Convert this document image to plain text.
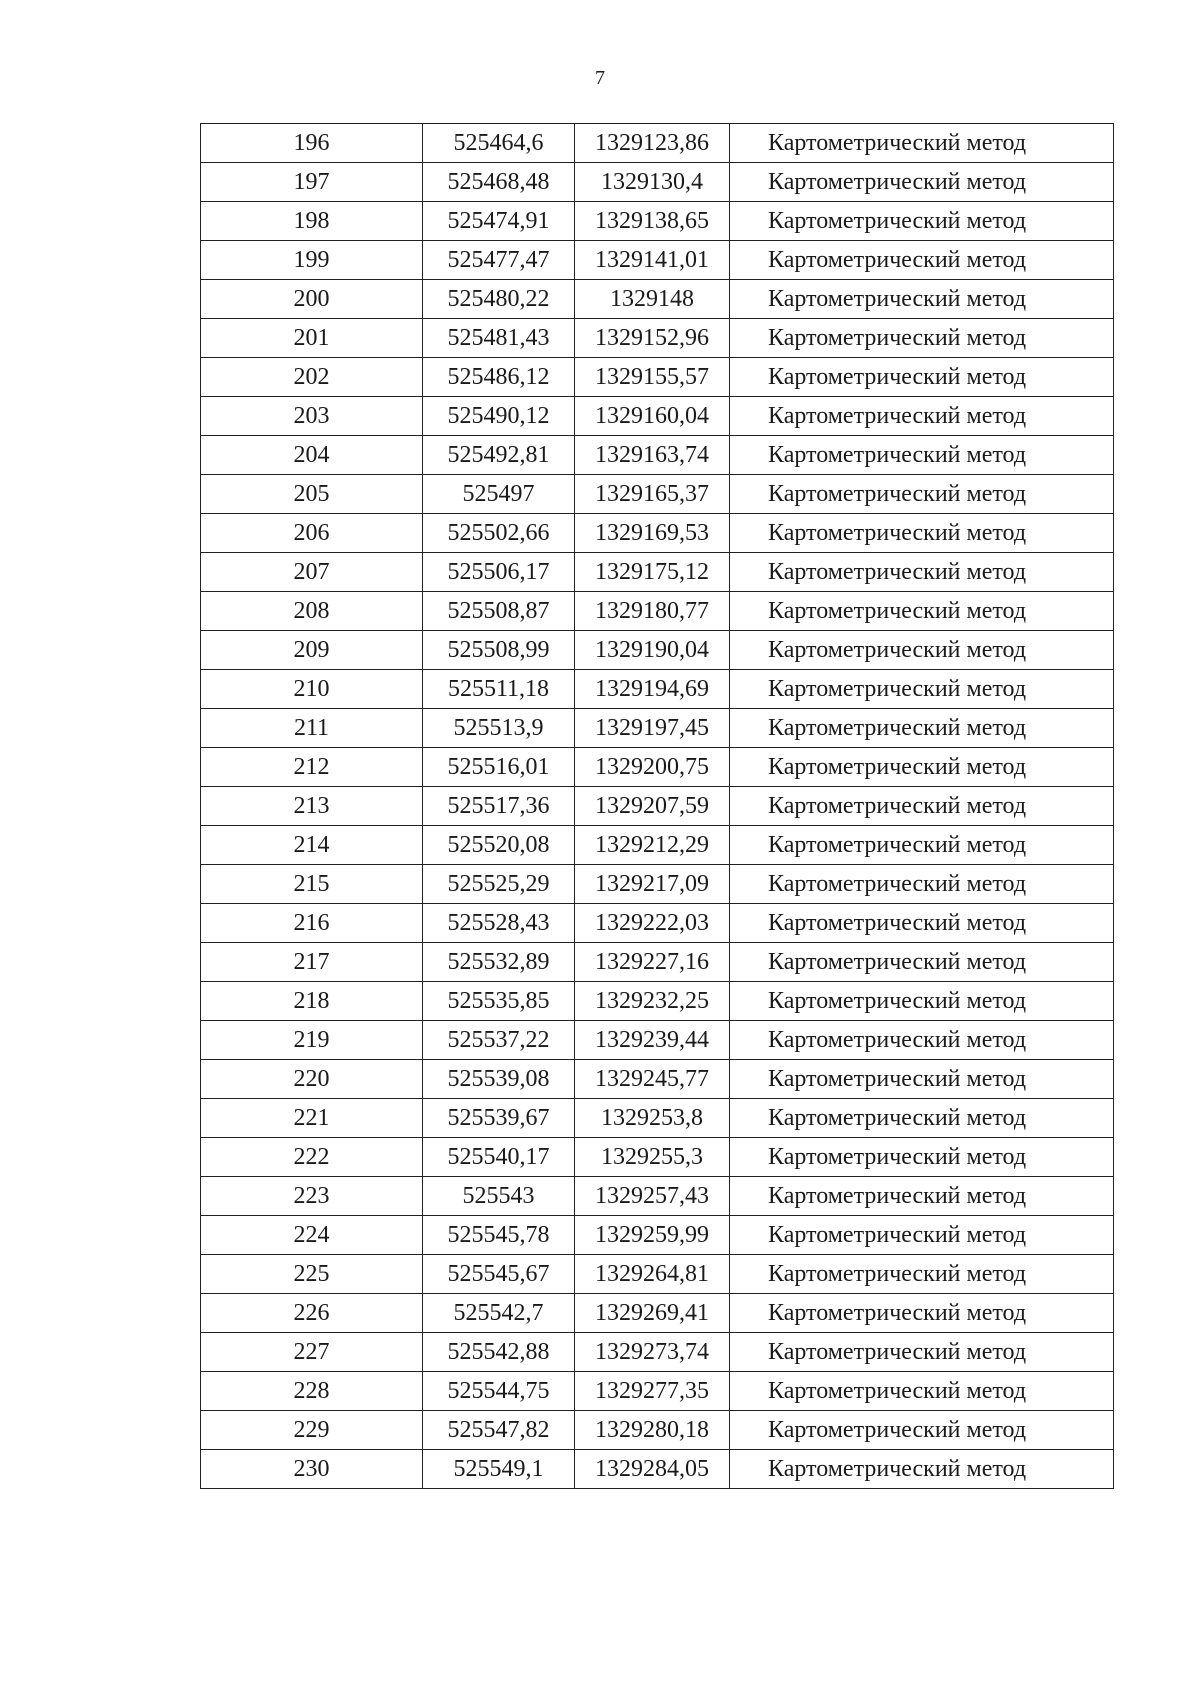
7
196	525464,6	1329123,86	Картометрический метод
197	525468,48	1329130,4	Картометрический метод
198	525474,91	1329138,65	Картометрический метод
199	525477,47	1329141,01	Картометрический метод
200	525480,22	1329148	Картометрический метод
201	525481,43	1329152,96	Картометрический метод
202	525486,12	1329155,57	Картометрический метод
203	525490,12	1329160,04	Картометрический метод
204	525492,81	1329163,74	Картометрический метод
205	525497	1329165,37	Картометрический метод
206	525502,66	1329169,53	Картометрический метод
207	525506,17	1329175,12	Картометрический метод
208	525508,87	1329180,77	Картометрический метод
209	525508,99	1329190,04	Картометрический метод
210	525511,18	1329194,69	Картометрический метод
211	525513,9	1329197,45	Картометрический метод
212	525516,01	1329200,75	Картометрический метод
213	525517,36	1329207,59	Картометрический метод
214	525520,08	1329212,29	Картометрический метод
215	525525,29	1329217,09	Картометрический метод
216	525528,43	1329222,03	Картометрический метод
217	525532,89	1329227,16	Картометрический метод
218	525535,85	1329232,25	Картометрический метод
219	525537,22	1329239,44	Картометрический метод
220	525539,08	1329245,77	Картометрический метод
221	525539,67	1329253,8	Картометрический метод
222	525540,17	1329255,3	Картометрический метод
223	525543	1329257,43	Картометрический метод
224	525545,78	1329259,99	Картометрический метод
225	525545,67	1329264,81	Картометрический метод
226	525542,7	1329269,41	Картометрический метод
227	525542,88	1329273,74	Картометрический метод
228	525544,75	1329277,35	Картометрический метод
229	525547,82	1329280,18	Картометрический метод
230	525549,1	1329284,05	Картометрический метод
